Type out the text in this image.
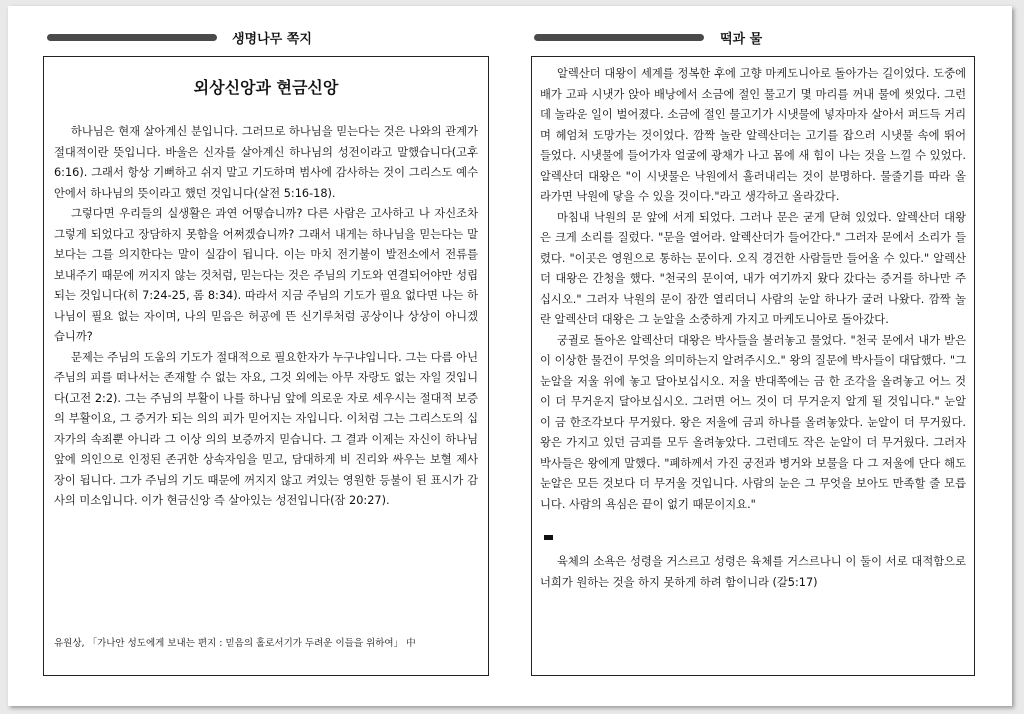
생명나무 쪽지	떡과 물
외상신앙과 현금신앙

하나님은 현재 살아계신 분입니다. 그러므로 하나님을 믿는다는 것은 나와의 관계가 절대적이란 뜻입니다. 바울은 신자를 살아계신 하나님의 성전이라고 말했습니다(고후 6:16). 그래서 항상 기뻐하고 쉬지 말고 기도하며 범사에 감사하는 것이 그리스도 예수 안에서 하나님의 뜻이라고 했던 것입니다(살전 5:16-18).

그렇다면 우리들의 실생활은 과연 어떻습니까? 다른 사람은 고사하고 나 자신조차 그렇게 되었다고 장담하지 못함을 어쩌겠습니까? 그래서 내게는 하나님을 믿는다는 말보다는 그를 의지한다는 말이 실감이 됩니다. 이는 마치 전기불이 발전소에서 전류를 보내주기 때문에 꺼지지 않는 것처럼, 믿는다는 것은 주님의 기도와 연결되어야만 성립되는 것입니다(히 7:24-25, 롬 8:34). 따라서 지금 주님의 기도가 필요 없다면 나는 하나님이 필요 없는 자이며, 나의 믿음은 허공에 뜬 신기루처럼 공상이나 상상이 아니겠습니까?

문제는 주님의 도움의 기도가 절대적으로 필요한자가 누구냐입니다. 그는 다름 아닌 주님의 피를 떠나서는 존재할 수 없는 자요, 그것 외에는 아무 자랑도 없는 자일 것입니다(고전 2:2). 그는 주님의 부활이 나를 하나님 앞에 의로운 자로 세우시는 절대적 보증의 부활이요, 그 증거가 되는 의의 피가 믿어지는 자입니다. 이처럼 그는 그리스도의 십자가의 속죄뿐 아니라 그 이상 의의 보증까지 믿습니다. 그 결과 이제는 자신이 하나님 앞에 의인으로 인정된 존귀한 상속자임을 믿고, 담대하게 비 진리와 싸우는 보혈 제사장이 됩니다. 그가 주님의 기도 때문에 꺼지지 않고 켜있는 영원한 등불이 된 표시가 감사의 미소입니다. 이가 현금신앙 즉 살아있는 성전입니다(잠 20:27).

유원상, 「가나안 성도에게 보내는 편지 : 믿음의 홀로서기가 두려운 이들을 위하여」 中

알렉산더 대왕이 세계를 정복한 후에 고향 마케도니아로 돌아가는 길이었다. 도중에 배가 고파 시냇가 앉아 배낭에서 소금에 절인 물고기 몇 마리를 꺼내 물에 씻었다. 그런데 놀라운 일이 벌어졌다. 소금에 절인 물고기가 시냇물에 넣자마자 살아서 퍼드득 거리며 헤엄쳐 도망가는 것이었다. 깜짝 놀란 알렉산더는 고기를 잡으러 시냇물 속에 뛰어 들었다. 시냇물에 들어가자 얼굴에 광채가 나고 몸에 새 힘이 나는 것을 느낄 수 있었다. 알렉산더 대왕은 "이 시냇물은 낙원에서 흘러내리는 것이 분명하다. 물줄기를 따라 올라가면 낙원에 닿을 수 있을 것이다."라고 생각하고 올라갔다.

마침내 낙원의 문 앞에 서게 되었다. 그러나 문은 굳게 닫혀 있었다. 알렉산더 대왕은 크게 소리를 질렀다. "문을 열어라. 알렉산더가 들어간다." 그러자 문에서 소리가 들렸다. "이곳은 영원으로 통하는 문이다. 오직 경건한 사람들만 들어올 수 있다." 알렉산더 대왕은 간청을 했다. "천국의 문이여, 내가 여기까지 왔다 갔다는 증거를 하나만 주십시오." 그러자 낙원의 문이 잠깐 열리더니 사람의 눈알 하나가 굴러 나왔다. 깜짝 놀란 알렉산더 대왕은 그 눈알을 소중하게 가지고 마케도니아로 돌아갔다.

궁궐로 돌아온 알렉산더 대왕은 박사들을 불러놓고 물었다. "천국 문에서 내가 받은 이 이상한 물건이 무엇을 의미하는지 알려주시오." 왕의 질문에 박사들이 대답했다. "그 눈알을 저울 위에 놓고 달아보십시오. 저울 반대쪽에는 금 한 조각을 올려놓고 어느 것이 더 무거운지 달아보십시오. 그러면 어느 것이 더 무거운지 알게 될 것입니다." 눈알이 금 한조각보다 무거웠다. 왕은 저울에 금괴 하나를 올려놓았다. 눈알이 더 무거웠다. 왕은 가지고 있던 금괴를 모두 올려놓았다. 그런데도 작은 눈알이 더 무거웠다. 그러자 박사들은 왕에게 말했다. "폐하께서 가진 궁전과 병거와 보물을 다 그 저울에 단다 해도 눈알은 모든 것보다 더 무거울 것입니다. 사람의 눈은 그 무엇을 보아도 만족할 줄 모릅니다. 사람의 욕심은 끝이 없기 때문이지요."

육체의 소욕은 성령을 거스르고 성령은 육체를 거스르나니 이 둘이 서로 대적함으로 너희가 원하는 것을 하지 못하게 하려 함이니라 (갈5:17)
